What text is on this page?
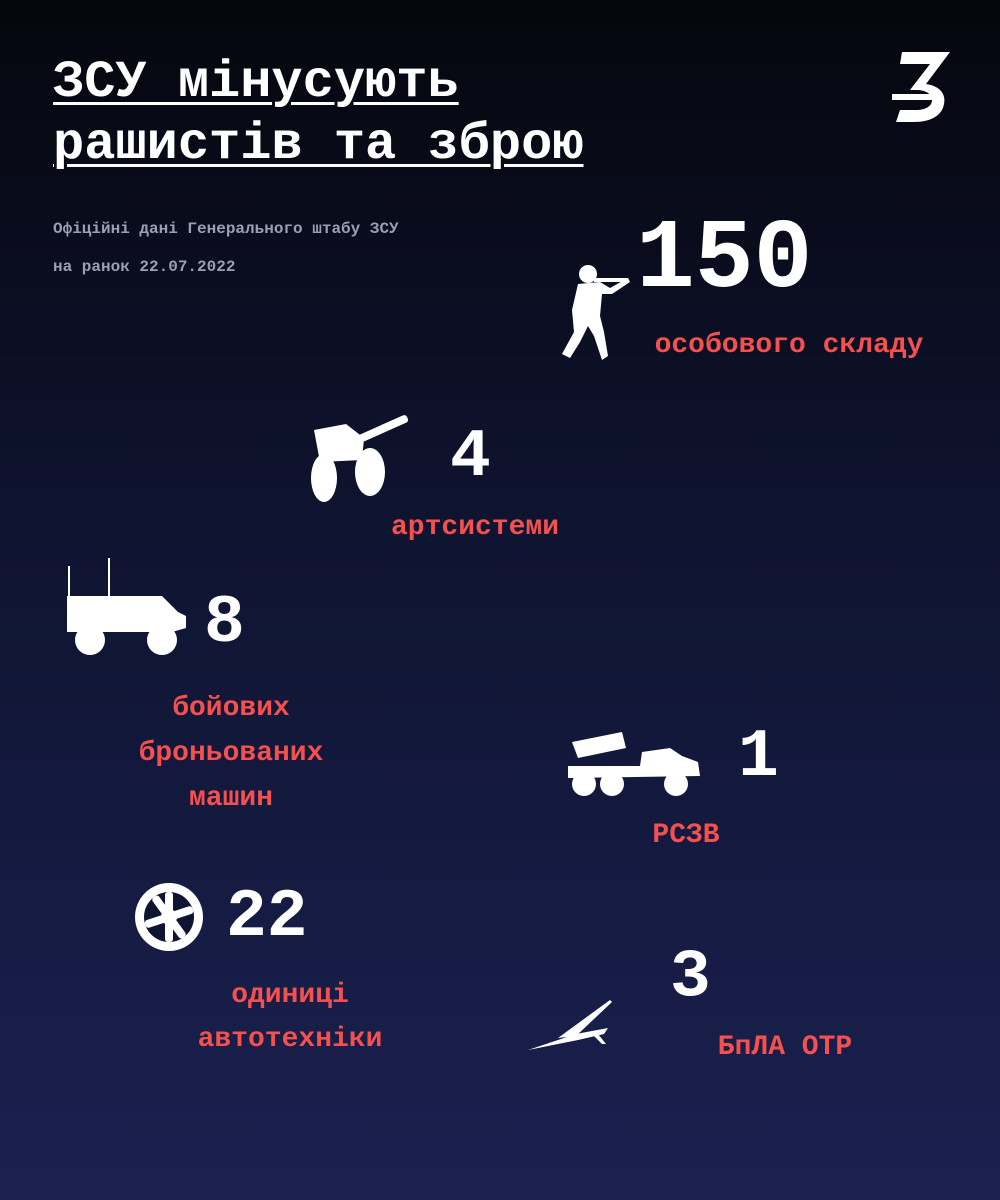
ЗСУ мінусують
рашистів та зброю
Офіційні дані Генерального штабу ЗСУ
на ранок 22.07.2022	150
особового складу
4
артсистеми
8
бойових
броньованих
машин
1
РСЗВ
22
одиниці
автотехніки
3
БпЛА ОТР
